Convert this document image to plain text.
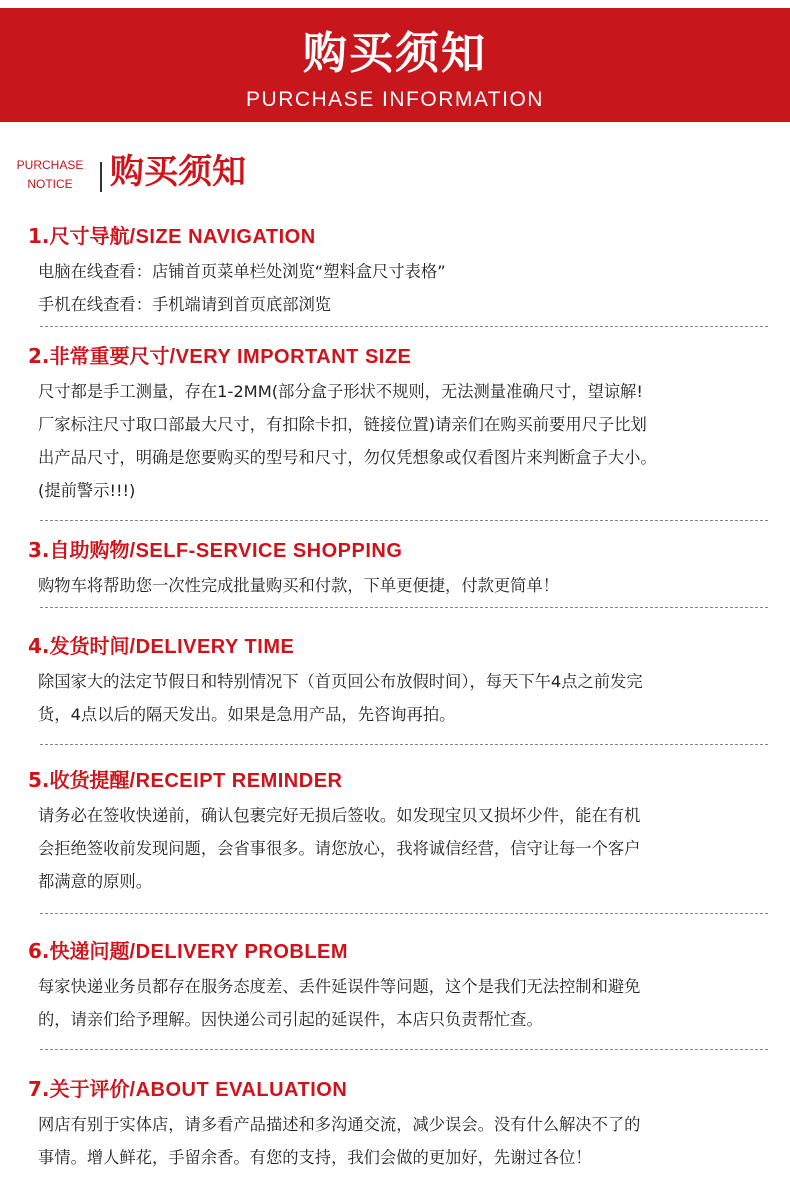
购买须知
PURCHASE INFORMATION
PURCHASE
NOTICE	购买须知
1.尺寸导航/SIZE NAVIGATION

电脑在线查看：店铺首页菜单栏处浏览“塑料盒尺寸表格”

手机在线查看：手机端请到首页底部浏览

2.非常重要尺寸/VERY IMPORTANT SIZE

尺寸都是手工测量，存在1-2MM(部分盒子形状不规则，无法测量准确尺寸，望谅解!

厂家标注尺寸取口部最大尺寸，有扣除卡扣，链接位置)请亲们在购买前要用尺子比划

出产品尺寸，明确是您要购买的型号和尺寸，勿仅凭想象或仅看图片来判断盒子大小。

(提前警示!!!)

3.自助购物/SELF-SERVICE SHOPPING

购物车将帮助您一次性完成批量购买和付款，下单更便捷，付款更简单！

4.发货时间/DELIVERY TIME

除国家大的法定节假日和特别情况下（首页回公布放假时间），每天下午4点之前发完

货，4点以后的隔天发出。如果是急用产品，先咨询再拍。

5.收货提醒/RECEIPT REMINDER

请务必在签收快递前，确认包裹完好无损后签收。如发现宝贝又损坏少件，能在有机

会拒绝签收前发现问题，会省事很多。请您放心，我将诚信经营，信守让每一个客户

都满意的原则。

6.快递问题/DELIVERY PROBLEM

每家快递业务员都存在服务态度差、丢件延误件等问题，这个是我们无法控制和避免

的，请亲们给予理解。因快递公司引起的延误件，本店只负责帮忙查。

7.关于评价/ABOUT EVALUATION

网店有别于实体店，请多看产品描述和多沟通交流，减少误会。没有什么解决不了的

事情。增人鲜花，手留余香。有您的支持，我们会做的更加好，先谢过各位！
